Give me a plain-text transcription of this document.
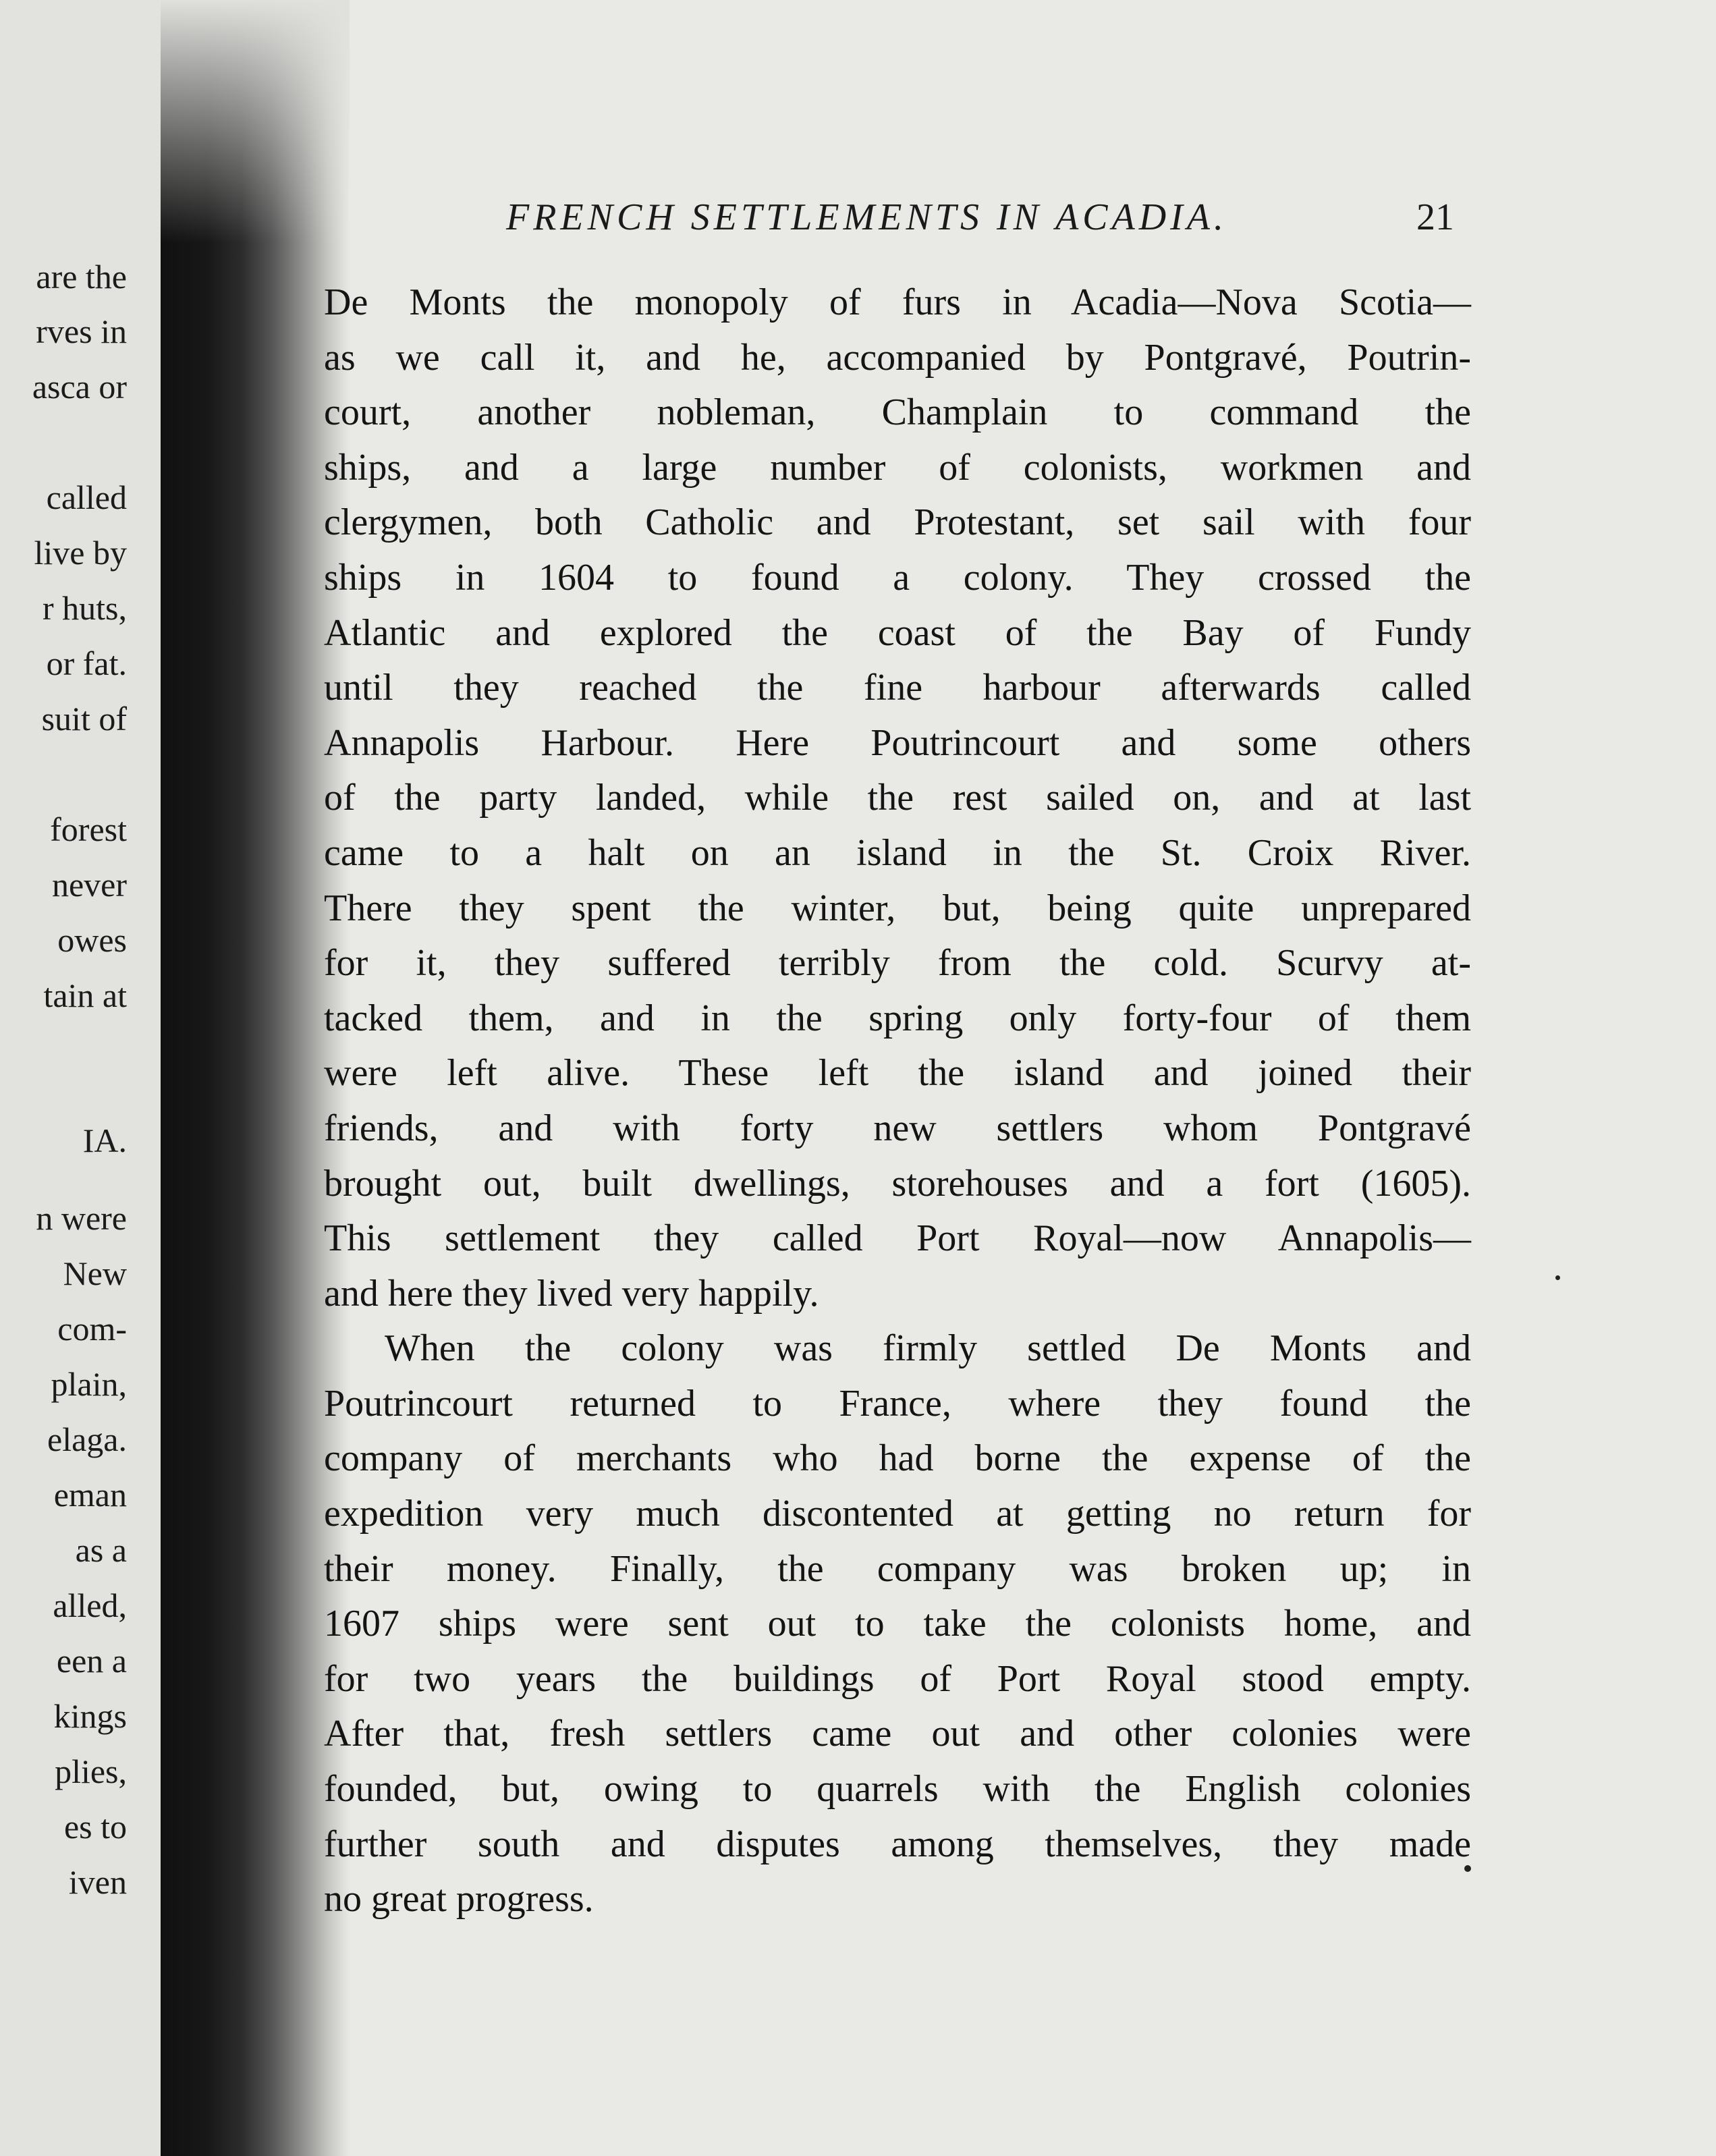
are the
rves in
asca or
called
live by
r huts,
or fat.
suit of
forest
never
owes
tain at
IA.
n were
New
com-
plain,
elaga.
eman
as a
alled,
een a
kings
plies,
es to
iven
FRENCH SETTLEMENTS IN ACADIA.	21
De Monts the monopoly of furs in Acadia—Nova Scotia—
as we call it, and he, accompanied by Pontgravé, Poutrin-
court, another nobleman, Champlain to command the
ships, and a large number of colonists, workmen and
clergymen, both Catholic and Protestant, set sail with four
ships in 1604 to found a colony. They crossed the
Atlantic and explored the coast of the Bay of Fundy
until they reached the fine harbour afterwards called
Annapolis Harbour. Here Poutrincourt and some others
of the party landed, while the rest sailed on, and at last
came to a halt on an island in the St. Croix River.
There they spent the winter, but, being quite unprepared
for it, they suffered terribly from the cold. Scurvy at-
tacked them, and in the spring only forty-four of them
were left alive. These left the island and joined their
friends, and with forty new settlers whom Pontgravé
brought out, built dwellings, storehouses and a fort (1605).
This settlement they called Port Royal—now Annapolis—
and here they lived very happily.
When the colony was firmly settled De Monts and
Poutrincourt returned to France, where they found the
company of merchants who had borne the expense of the
expedition very much discontented at getting no return for
their money. Finally, the company was broken up; in
1607 ships were sent out to take the colonists home, and
for two years the buildings of Port Royal stood empty.
After that, fresh settlers came out and other colonies were
founded, but, owing to quarrels with the English colonies
further south and disputes among themselves, they made
no great progress.
